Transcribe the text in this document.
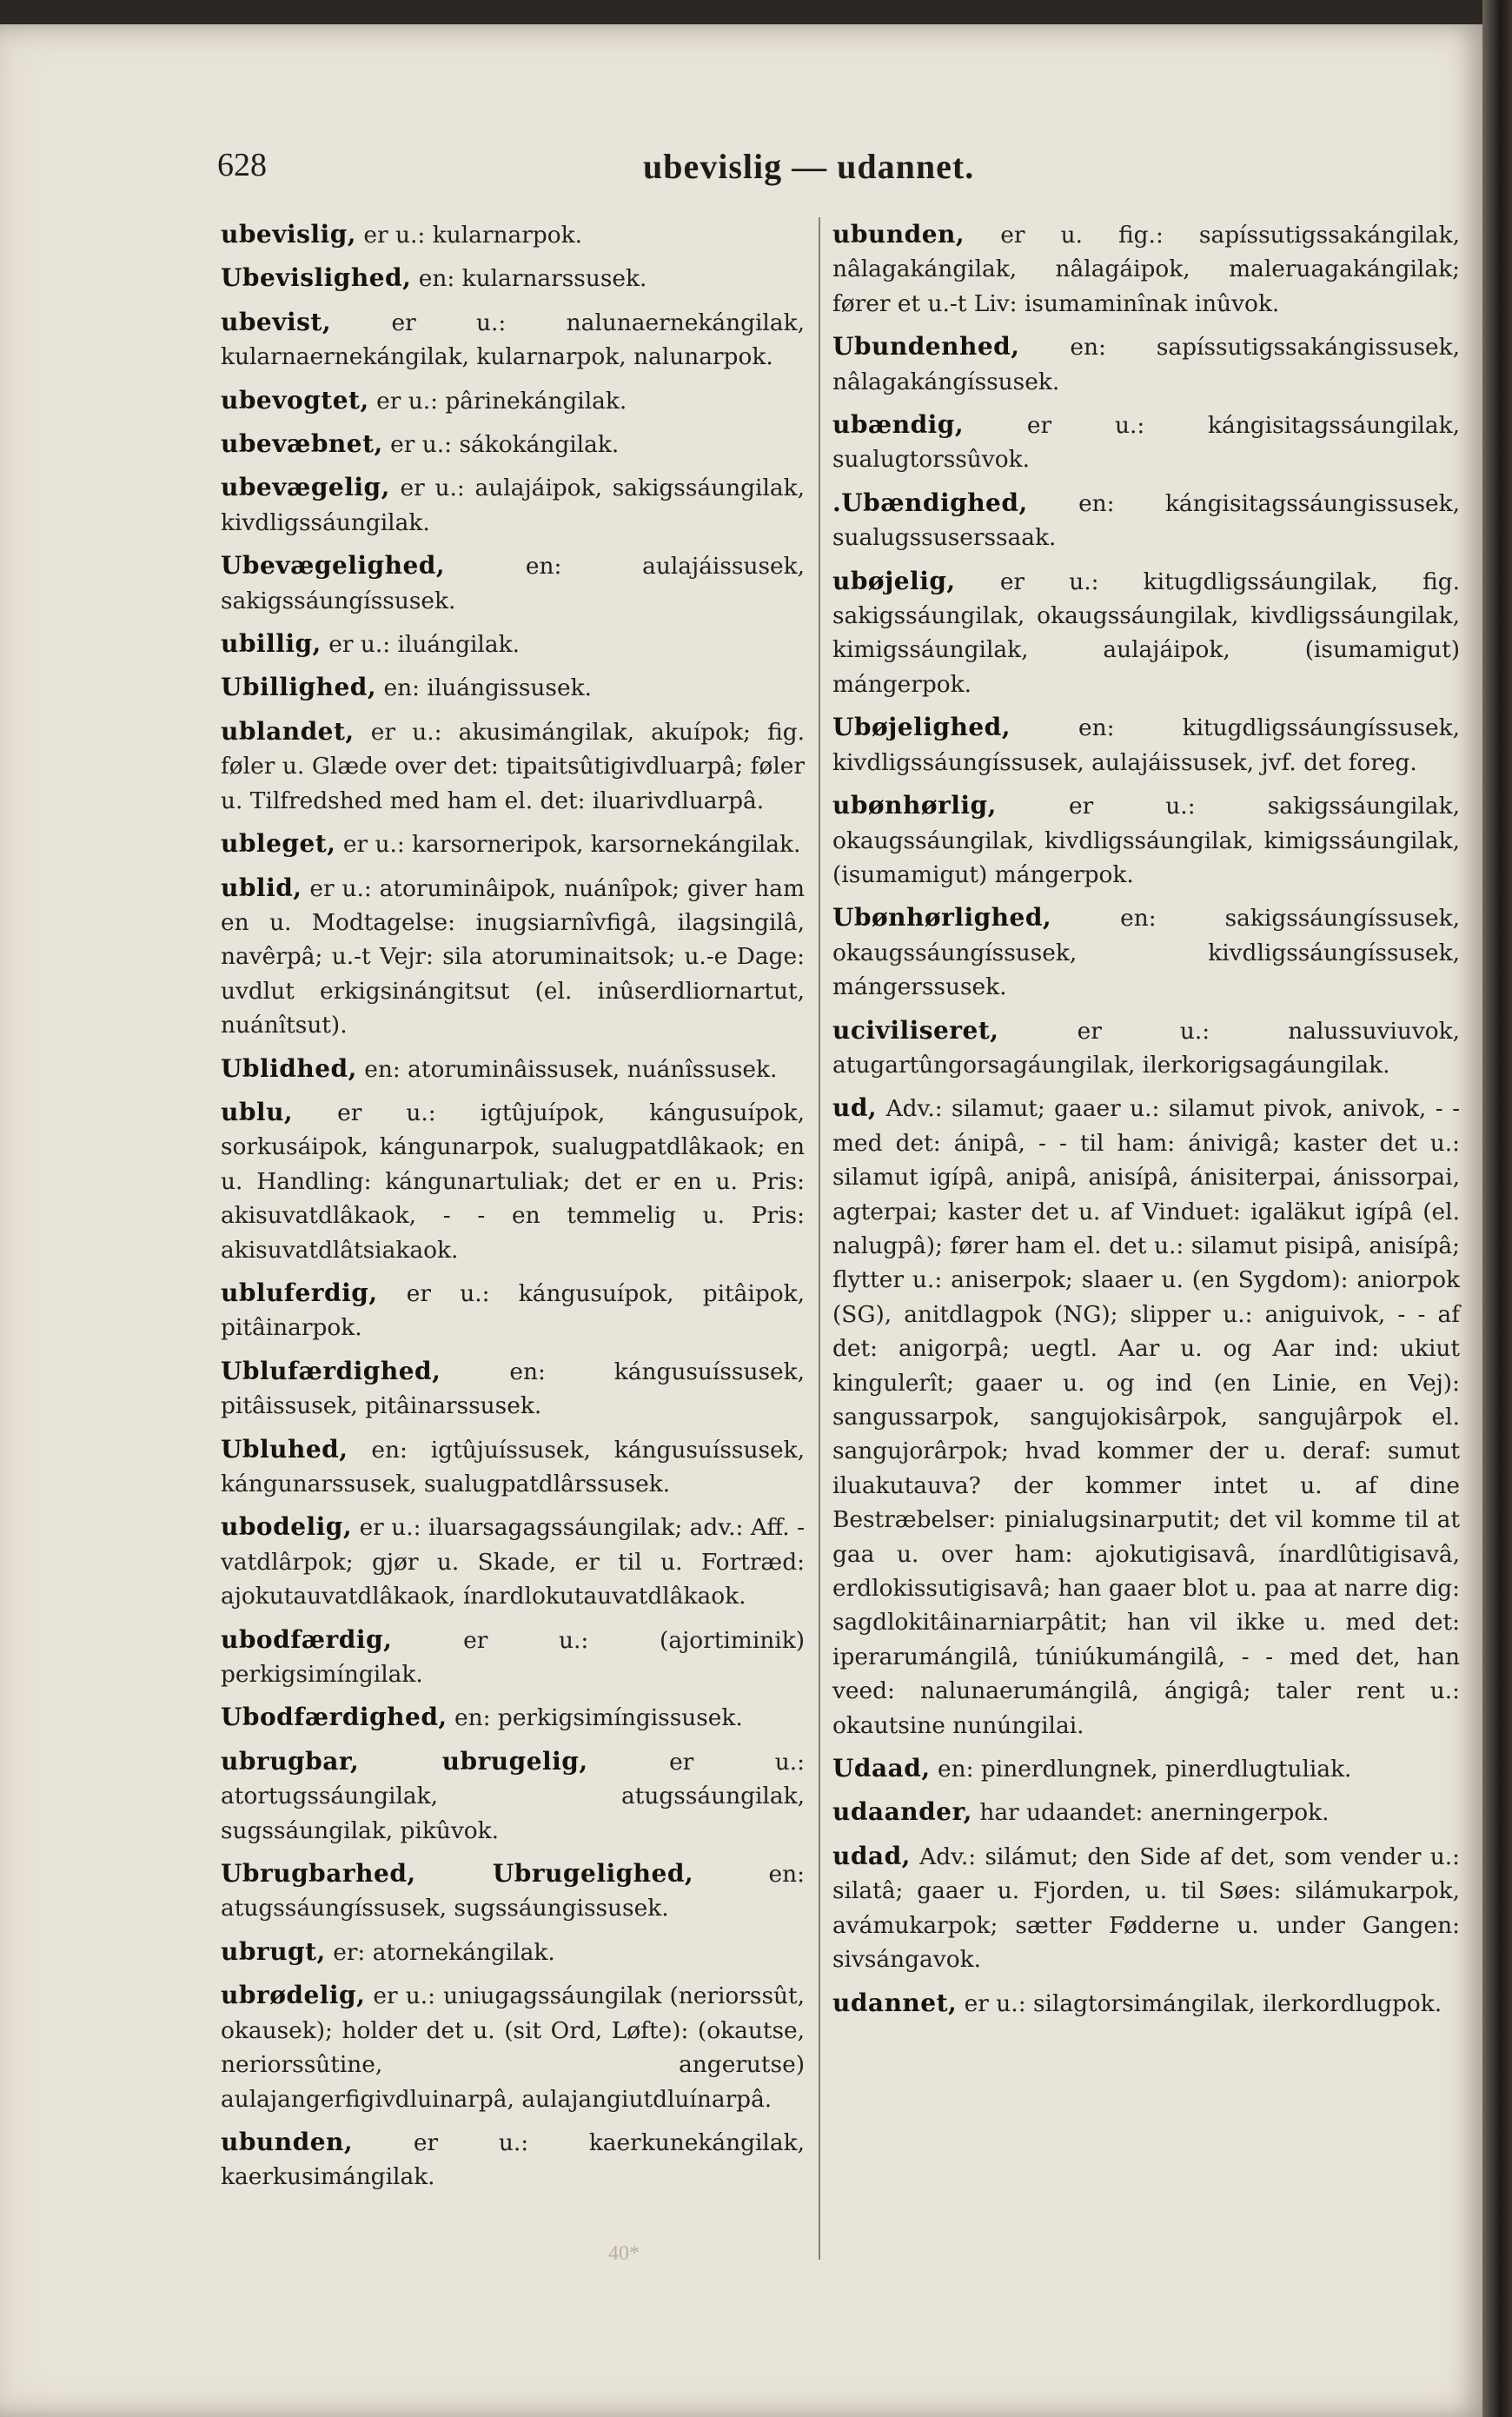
628	ubevislig — udannet.

ubevislig, er u.: kularnarpok.

Ubevislighed, en: kularnarssusek.

ubevist, er u.: nalunaernekángilak, kularnaernekángilak, kularnarpok, nalunarpok.

ubevogtet, er u.: pârinekángilak.

ubevæbnet, er u.: sákokángilak.

ubevægelig, er u.: aulajáipok, sakigssáungilak, kivdligssáungilak.

Ubevægelighed, en: aulajáissusek, sakigssáungíssusek.

ubillig, er u.: iluángilak.

Ubillighed, en: iluángissusek.

ublandet, er u.: akusimángilak, akuípok; fig. føler u. Glæde over det: tipaitsûtigivdluarpâ; føler u. Tilfredshed med ham el. det: iluarivdluarpâ.

ubleget, er u.: karsorneripok, karsornekángilak.

ublid, er u.: atoruminâipok, nuánîpok; giver ham en u. Modtagelse: inugsiarnîvfigâ, ilagsingilâ, navêrpâ; u.-t Vejr: sila atoruminaitsok; u.-e Dage: uvdlut erkigsinángitsut (el. inûserdliornartut, nuánîtsut).

Ublidhed, en: atoruminâissusek, nuánîssusek.

ublu, er u.: igtûjuípok, kángusuípok, sorkusáipok, kángunarpok, sualugpatdlâkaok; en u. Handling: kángunartuliak; det er en u. Pris: akisuvatdlâkaok, - - en temmelig u. Pris: akisuvatdlâtsiakaok.

ubluferdig, er u.: kángusuípok, pitâipok, pitâinarpok.

Ublufærdighed, en: kángusuíssusek, pitâissusek, pitâinarssusek.

Ubluhed, en: igtûjuíssusek, kángusuíssusek, kángunarssusek, sualugpatdlârssusek.

ubodelig, er u.: iluarsagagssáungilak; adv.: Aff. -vatdlârpok; gjør u. Skade, er til u. Fortræd: ajokutauvatdlâkaok, ínardlokutauvatdlâkaok.

ubodfærdig, er u.: (ajortiminik) perkigsimíngilak.

Ubodfærdighed, en: perkigsimíngissusek.

ubrugbar, ubrugelig, er u.: atortugssáungilak, atugssáungilak, sugssáungilak, pikûvok.

Ubrugbarhed, Ubrugelighed, en: atugssáungíssusek, sugssáungissusek.

ubrugt, er: atornekángilak.

ubrødelig, er u.: uniugagssáungilak (neriorssût, okausek); holder det u. (sit Ord, Løfte): (okautse, neriorssûtine, angerutse) aulajangerfigivdluinarpâ, aulajangiutdluínarpâ.

ubunden, er u.: kaerkunekángilak, kaerkusimángilak.

ubunden, er u. fig.: sapíssutigssakángilak, nâlagakángilak, nâlagáipok, maleruagakángilak; fører et u.-t Liv: isumaminînak inûvok.

Ubundenhed, en: sapíssutigssakángissusek, nâlagakángíssusek.

ubændig, er u.: kángisitagssáungilak, sualugtorssûvok.

.Ubændighed, en: kángisitagssáungissusek, sualugssuserssaak.

ubøjelig, er u.: kitugdligssáungilak, fig. sakigssáungilak, okaugssáungilak, kivdligssáungilak, kimigssáungilak, aulajáipok, (isumamigut) mángerpok.

Ubøjelighed, en: kitugdligssáungíssusek, kivdligssáungíssusek, aulajáissusek, jvf. det foreg.

ubønhørlig, er u.: sakigssáungilak, okaugssáungilak, kivdligssáungilak, kimigssáungilak, (isumamigut) mángerpok.

Ubønhørlighed, en: sakigssáungíssusek, okaugssáungíssusek, kivdligssáungíssusek, mángerssusek.

uciviliseret, er u.: nalussuviuvok, atugartûngorsagáungilak, ilerkorigsagáungilak.

ud, Adv.: silamut; gaaer u.: silamut pivok, anivok, - - med det: ánipâ, - - til ham: ánivigâ; kaster det u.: silamut igípâ, anipâ, anisípâ, ánisiterpai, ánissorpai, agterpai; kaster det u. af Vinduet: igaläkut igípâ (el. nalugpâ); fører ham el. det u.: silamut pisipâ, anisípâ; flytter u.: aniserpok; slaaer u. (en Sygdom): aniorpok (SG), anitdlagpok (NG); slipper u.: aniguivok, - - af det: anigorpâ; uegtl. Aar u. og Aar ind: ukiut kingulerît; gaaer u. og ind (en Linie, en Vej): sangussarpok, sangujokisârpok, sangujârpok el. sangujorârpok; hvad kommer der u. deraf: sumut iluakutauva? der kommer intet u. af dine Bestræbelser: pinialugsinarputit; det vil komme til at gaa u. over ham: ajokutigisavâ, ínardlûtigisavâ, erdlokissutigisavâ; han gaaer blot u. paa at narre dig: sagdlokitâinarniarpâtit; han vil ikke u. med det: iperarumángilâ, túniúkumángilâ, - - med det, han veed: nalunaerumángilâ, ángigâ; taler rent u.: okautsine nunúngilai.

Udaad, en: pinerdlungnek, pinerdlugtuliak.

udaander, har udaandet: anerningerpok.

udad, Adv.: silámut; den Side af det, som vender u.: silatâ; gaaer u. Fjorden, u. til Søes: silámukarpok, avámukarpok; sætter Fødderne u. under Gangen: sivsángavok.

udannet, er u.: silagtorsimángilak, ilerkordlugpok.

40*
